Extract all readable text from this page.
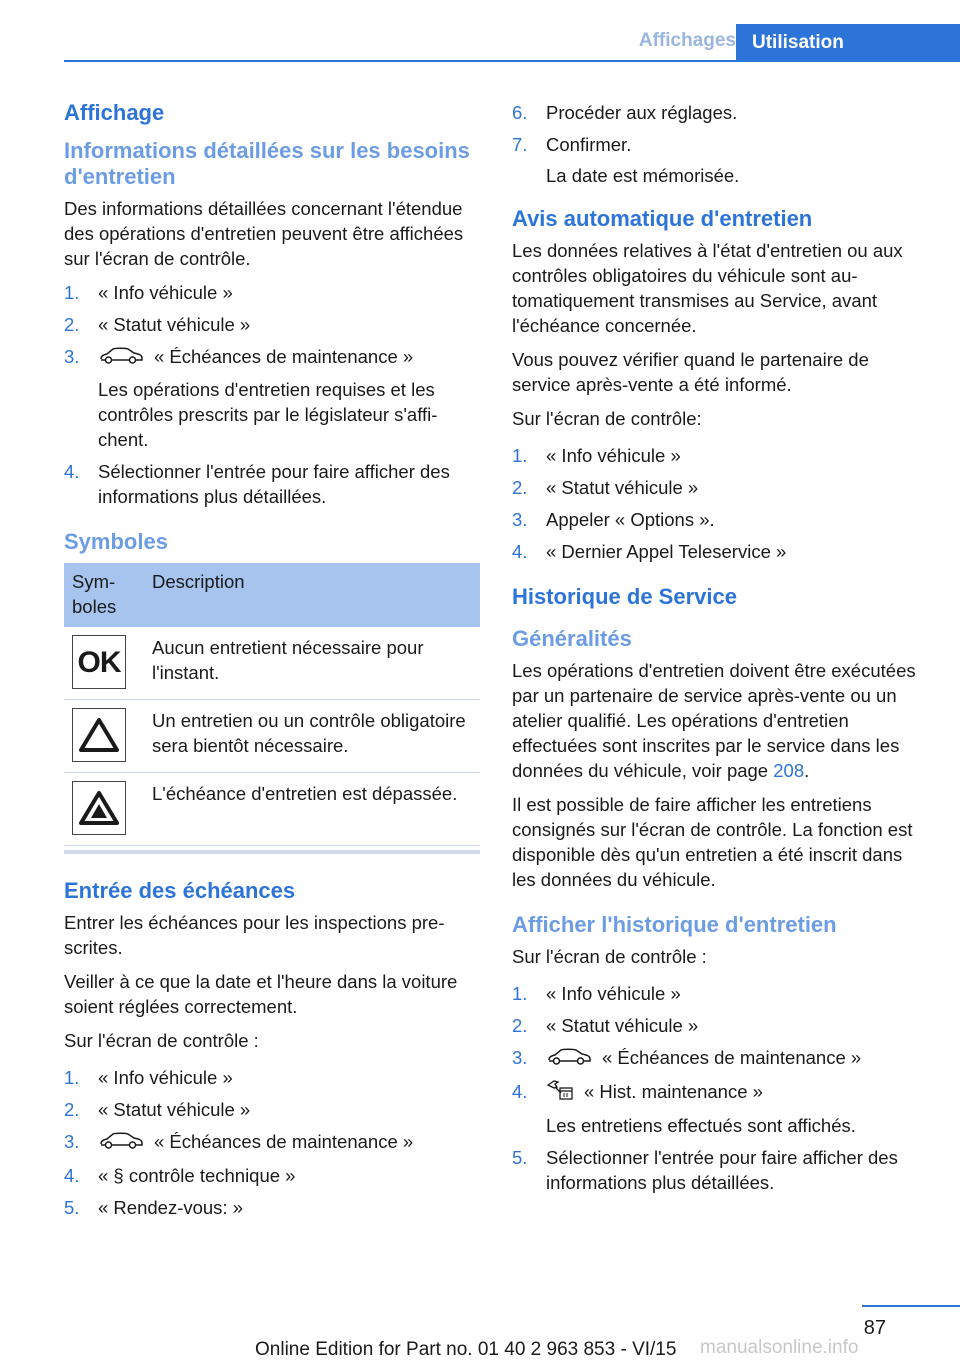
Affichages Utilisation
Affichage
Informations détaillées sur les besoins d'entretien

Des informations détaillées concernant l'étendue des opérations d'entretien peuvent être affichées sur l'écran de contrôle.

1.	« Info véhicule »
2.	« Statut véhicule »
3.	« Échéances de maintenance »
Les opérations d'entretien requises et les contrôles prescrits par le législateur s'affichent.
4.	Sélectionner l'entrée pour faire afficher des informations plus détaillées.
Symboles
Symboles	Description

OK	Aucun entretient nécessaire pour l'instant.

	Un entretien ou un contrôle obligatoire sera bientôt nécessaire.

	L'échéance d'entretien est dépassée.
Entrée des échéances

Entrer les échéances pour les inspections prescrites.

Veiller à ce que la date et l'heure dans la voiture soient réglées correctement.

Sur l'écran de contrôle :

1.	« Info véhicule »
2.	« Statut véhicule »
3.	« Échéances de maintenance »
4.	« § contrôle technique »
5.	« Rendez-vous: »
6.	Procéder aux réglages.
7.	Confirmer.
La date est mémorisée.
Avis automatique d'entretien

Les données relatives à l'état d'entretien ou aux contrôles obligatoires du véhicule sont automatiquement transmises au Service, avant l'échéance concernée.

Vous pouvez vérifier quand le partenaire de service après-vente a été informé.

Sur l'écran de contrôle:

1.	« Info véhicule »
2.	« Statut véhicule »
3.	Appeler « Options ».
4.	« Dernier Appel Teleservice »
Historique de Service
Généralités

Les opérations d'entretien doivent être exécutées par un partenaire de service après-vente ou un atelier qualifié. Les opérations d'entretien effectuées sont inscrites par le service dans les données du véhicule, voir page 208.

Il est possible de faire afficher les entretiens consignés sur l'écran de contrôle. La fonction est disponible dès qu'un entretien a été inscrit dans les données du véhicule.

Afficher l'historique d'entretien

Sur l'écran de contrôle :

1.	« Info véhicule »
2.	« Statut véhicule »
3.	« Échéances de maintenance »
4.	« Hist. maintenance »
Les entretiens effectués sont affichés.
5.	Sélectionner l'entrée pour faire afficher des informations plus détaillées.
87
Online Edition for Part no. 01 40 2 963 853 - VI/15 manualsonline.info
